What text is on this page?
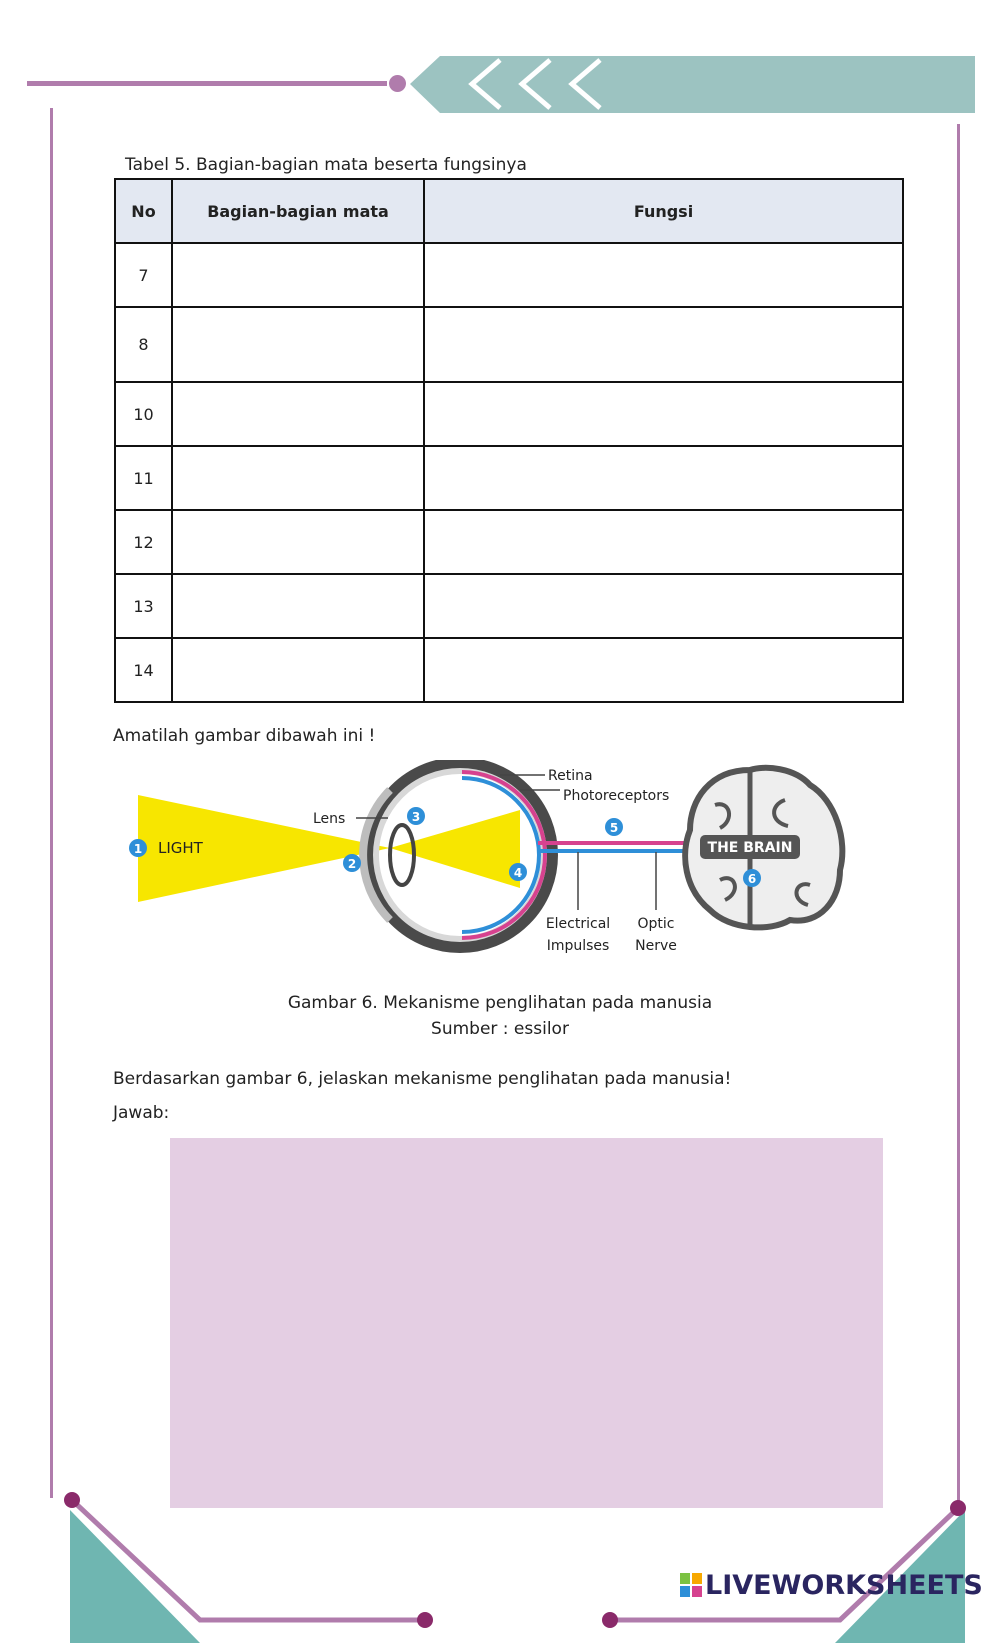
Tabel 5. Bagian-bagian mata beserta fungsinya
No	Bagian-bagian mata	Fungsi
7		
8		
10		
11		
12		
13		
14		
Amatilah gambar dibawah ini !
THE BRAIN
LIGHT
Lens
Retina
Photoreceptors
Electrical
Impulses
Optic
Nerve
1
2
3
4
5
6
Gambar 6. Mekanisme penglihatan pada manusia
Sumber : essilor
Berdasarkan gambar 6, jelaskan mekanisme penglihatan pada manusia!
Jawab:
LIVEWORKSHEETS
